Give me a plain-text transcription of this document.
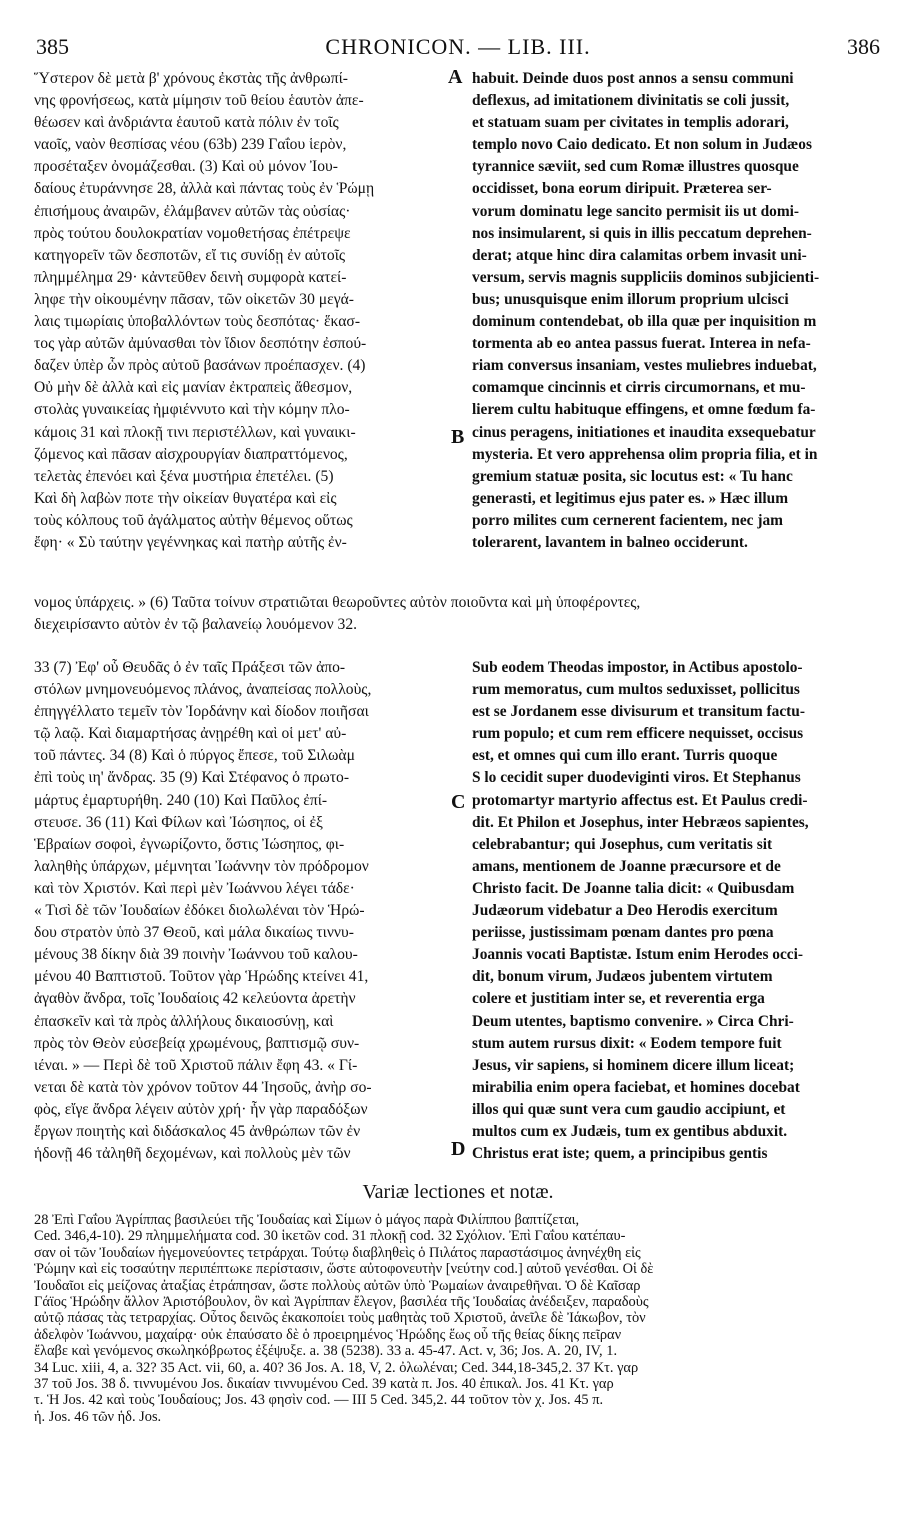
385	CHRONICON. — LIB. III.	386
A
B
C
D
Ὕστερον δὲ μετὰ β' χρόνους ἐκστὰς τῆς ἀνθρωπί-
νης φρονήσεως, κατὰ μίμησιν τοῦ θείου ἑαυτὸν ἀπε-
θέωσεν καὶ ἀνδριάντα ἑαυτοῦ κατὰ πόλιν ἐν τοῖς
ναοῖς, ναὸν θεσπίσας νέου (63b) 239 Γαΐου ἱερὸν,
προσέταξεν ὀνομάζεσθαι. (3) Καὶ οὐ μόνον Ἰου-
δαίους ἐτυράννησε 28, ἀλλὰ καὶ πάντας τοὺς ἐν Ῥώμῃ
ἐπισήμους ἀναιρῶν, ἐλάμβανεν αὐτῶν τὰς οὐσίας·
πρὸς τούτου δουλοκρατίαν νομοθετήσας ἐπέτρεψε
κατηγορεῖν τῶν δεσποτῶν, εἴ τις συνίδῃ ἐν αὐτοῖς
πλημμέλημα 29· κἀντεῦθεν δεινὴ συμφορὰ κατεί-
ληφε τὴν οἰκουμένην πᾶσαν, τῶν οἰκετῶν 30 μεγά-
λαις τιμωρίαις ὑποβαλλόντων τοὺς δεσπότας· ἕκασ-
τος γὰρ αὐτῶν ἀμύνασθαι τὸν ἴδιον δεσπότην ἐσπού-
δαζεν ὑπὲρ ὧν πρὸς αὐτοῦ βασάνων προέπασχεν. (4)
Οὐ μὴν δὲ ἀλλὰ καὶ εἰς μανίαν ἐκτραπεὶς ἄθεσμον,
στολὰς γυναικείας ἠμφιέννυτο καὶ τὴν κόμην πλο-
κάμοις 31 καὶ πλοκῇ τινι περιστέλλων, καὶ γυναικι-
ζόμενος καὶ πᾶσαν αἰσχρουργίαν διαπραττόμενος,
τελετὰς ἐπενόει καὶ ξένα μυστήρια ἐπετέλει. (5)
Καὶ δὴ λαβὼν ποτε τὴν οἰκείαν θυγατέρα καὶ εἰς
τοὺς κόλπους τοῦ ἀγάλματος αὐτὴν θέμενος οὕτως
ἔφη· « Σὺ ταύτην γεγέννηκας καὶ πατὴρ αὐτῆς ἐν-
habuit. Deinde duos post annos a sensu communi
deflexus, ad imitationem divinitatis se coli jussit,
et statuam suam per civitates in templis adorari,
templo novo Caio dedicato. Et non solum in Judæos
tyrannice sæviit, sed cum Romæ illustres quosque
occidisset, bona eorum diripuit. Præterea ser-
vorum dominatu lege sancito permisit iis ut domi-
nos insimularent, si quis in illis peccatum deprehen-
derat; atque hinc dira calamitas orbem invasit uni-
versum, servis magnis suppliciis dominos subjicienti-
bus; unusquisque enim illorum proprium ulcisci
dominum contendebat, ob illa quæ per inquisition m
tormenta ab eo antea passus fuerat. Interea in nefa-
riam conversus insaniam, vestes muliebres induebat,
comamque cincinnis et cirris circumornans, et mu-
lierem cultu habituque effingens, et omne fœdum fa-
cinus peragens, initiationes et inaudita exsequebatur
mysteria. Et vero apprehensa olim propria filia, et in
gremium statuæ posita, sic locutus est: « Tu hanc
generasti, et legitimus ejus pater es. » Hæc illum
porro milites cum cernerent facientem, nec jam
tolerarent, lavantem in balneo occiderunt.
νομος ὑπάρχεις. » (6) Ταῦτα τοίνυν στρατιῶται θεωροῦντες αὐτὸν ποιοῦντα καὶ μὴ ὑποφέροντες,
διεχειρίσαντο αὐτὸν ἐν τῷ βαλανείῳ λουόμενον 32.
33 (7) Ἐφ' οὗ Θευδᾶς ὁ ἐν ταῖς Πράξεσι τῶν ἀπο-
στόλων μνημονευόμενος πλάνος, ἀναπείσας πολλοὺς,
ἐπηγγέλλατο τεμεῖν τὸν Ἰορδάνην καὶ δίοδον ποιῆσαι
τῷ λαῷ. Καὶ διαμαρτήσας ἀνῃρέθη καὶ οἱ μετ' αὐ-
τοῦ πάντες. 34 (8) Καὶ ὁ πύργος ἔπεσε, τοῦ Σιλωὰμ
ἐπὶ τοὺς ιη' ἄνδρας. 35 (9) Καὶ Στέφανος ὁ πρωτο-
μάρτυς ἐμαρτυρήθη. 240 (10) Καὶ Παῦλος ἐπί-
στευσε. 36 (11) Καὶ Φίλων καὶ Ἰώσηπος, οἱ ἐξ
Ἑβραίων σοφοὶ, ἐγνωρίζοντο, ὅστις Ἰώσηπος, φι-
λαληθὴς ὑπάρχων, μέμνηται Ἰωάννην τὸν πρόδρομον
καὶ τὸν Χριστόν. Καὶ περὶ μὲν Ἰωάννου λέγει τάδε·
« Τισὶ δὲ τῶν Ἰουδαίων ἐδόκει διολωλέναι τὸν Ἡρώ-
δου στρατὸν ὑπὸ 37 Θεοῦ, καὶ μάλα δικαίως τιννυ-
μένους 38 δίκην διὰ 39 ποινὴν Ἰωάννου τοῦ καλου-
μένου 40 Βαπτιστοῦ. Τοῦτον γὰρ Ἡρώδης κτείνει 41,
ἀγαθὸν ἄνδρα, τοῖς Ἰουδαίοις 42 κελεύοντα ἀρετὴν
ἐπασκεῖν καὶ τὰ πρὸς ἀλλήλους δικαιοσύνῃ, καὶ
πρὸς τὸν Θεὸν εὐσεβείᾳ χρωμένους, βαπτισμῷ συν-
ιέναι. » — Περὶ δὲ τοῦ Χριστοῦ πάλιν ἔφη 43. « Γί-
νεται δὲ κατὰ τὸν χρόνον τοῦτον 44 Ἰησοῦς, ἀνὴρ σο-
φὸς, εἴγε ἄνδρα λέγειν αὐτὸν χρή· ἦν γὰρ παραδόξων
ἔργων ποιητὴς καὶ διδάσκαλος 45 ἀνθρώπων τῶν ἐν
ἡδονῇ 46 τἀληθῆ δεχομένων, καὶ πολλοὺς μὲν τῶν
Sub eodem Theodas impostor, in Actibus apostolo-
rum memoratus, cum multos seduxisset, pollicitus
est se Jordanem esse divisurum et transitum factu-
rum populo; et cum rem efficere nequisset, occisus
est, et omnes qui cum illo erant. Turris quoque
S lo cecidit super duodeviginti viros. Et Stephanus
protomartyr martyrio affectus est. Et Paulus credi-
dit. Et Philon et Josephus, inter Hebræos sapientes,
celebrabantur; qui Josephus, cum veritatis sit
amans, mentionem de Joanne præcursore et de
Christo facit. De Joanne talia dicit: « Quibusdam
Judæorum videbatur a Deo Herodis exercitum
periisse, justissimam pœnam dantes pro pœna
Joannis vocati Baptistæ. Istum enim Herodes occi-
dit, bonum virum, Judæos jubentem virtutem
colere et justitiam inter se, et reverentia erga
Deum utentes, baptismo convenire. » Circa Chri-
stum autem rursus dixit: « Eodem tempore fuit
Jesus, vir sapiens, si hominem dicere illum liceat;
mirabilia enim opera faciebat, et homines docebat
illos qui quæ sunt vera cum gaudio accipiunt, et
multos cum ex Judæis, tum ex gentibus abduxit.
Christus erat iste; quem, a principibus gentis
Variæ lectiones et notæ.
28 Ἐπὶ Γαΐου Ἀγρίππας βασιλεύει τῆς Ἰουδαίας καὶ Σίμων ὁ μάγος παρὰ Φιλίππου βαπτίζεται,
Ced. 346,4-10). 29 πλημμελήματα cod. 30 ἱκετῶν cod. 31 πλοκῇ cod. 32 Σχόλιον. Ἐπὶ Γαΐου κατέπαυ-
σαν οἱ τῶν Ἰουδαίων ἡγεμονεύοντες τετράρχαι. Τούτῳ διαβληθεὶς ὁ Πιλάτος παραστάσιμος ἀνηνέχθη εἰς
Ῥώμην καὶ εἰς τοσαύτην περιπέπτωκε περίστασιν, ὥστε αὐτοφονευτὴν [νεύτην cod.] αὐτοῦ γενέσθαι. Οἱ δὲ
Ἰουδαῖοι εἰς μείζονας ἀταξίας ἐτράπησαν, ὥστε πολλοὺς αὐτῶν ὑπὸ Ῥωμαίων ἀναιρεθῆναι. Ὁ δὲ Καῖσαρ
Γάϊος Ἡρώδην ἄλλον Ἀριστόβουλον, ὃν καὶ Ἀγρίππαν ἔλεγον, βασιλέα τῆς Ἰουδαίας ἀνέδειξεν, παραδοὺς
αὐτῷ πάσας τὰς τετραρχίας. Οὗτος δεινῶς ἐκακοποίει τοὺς μαθητὰς τοῦ Χριστοῦ, ἀνεῖλε δὲ Ἰάκωβον, τὸν
ἀδελφὸν Ἰωάννου, μαχαίρᾳ· οὐκ ἐπαύσατο δὲ ὁ προειρημένος Ἡρώδης ἕως οὗ τῆς θείας δίκης πεῖραν
ἔλαβε καὶ γενόμενος σκωληκόβρωτος ἐξέψυξε. a. 38 (5238). 33 a. 45-47. Act. v, 36; Jos. A. 20, IV, 1.
34 Luc. xiii, 4, a. 32? 35 Act. vii, 60, a. 40? 36 Jos. A. 18, V, 2. ὀλωλέναι; Ced. 344,18-345,2. 37 Κτ. γαρ
37 τοῦ Jos. 38 δ. τιννυμένου Jos. δικαίαν τιννυμένου Ced. 39 κατὰ π. Jos. 40 ἐπικαλ. Jos. 41 Κτ. γαρ
τ. Ἡ Jos. 42 καὶ τοὺς Ἰουδαίους; Jos. 43 φησὶν cod. — III 5 Ced. 345,2. 44 τοῦτον τὸν χ. Jos. 45 π.
ἡ. Jos. 46 τῶν ἡδ. Jos.
